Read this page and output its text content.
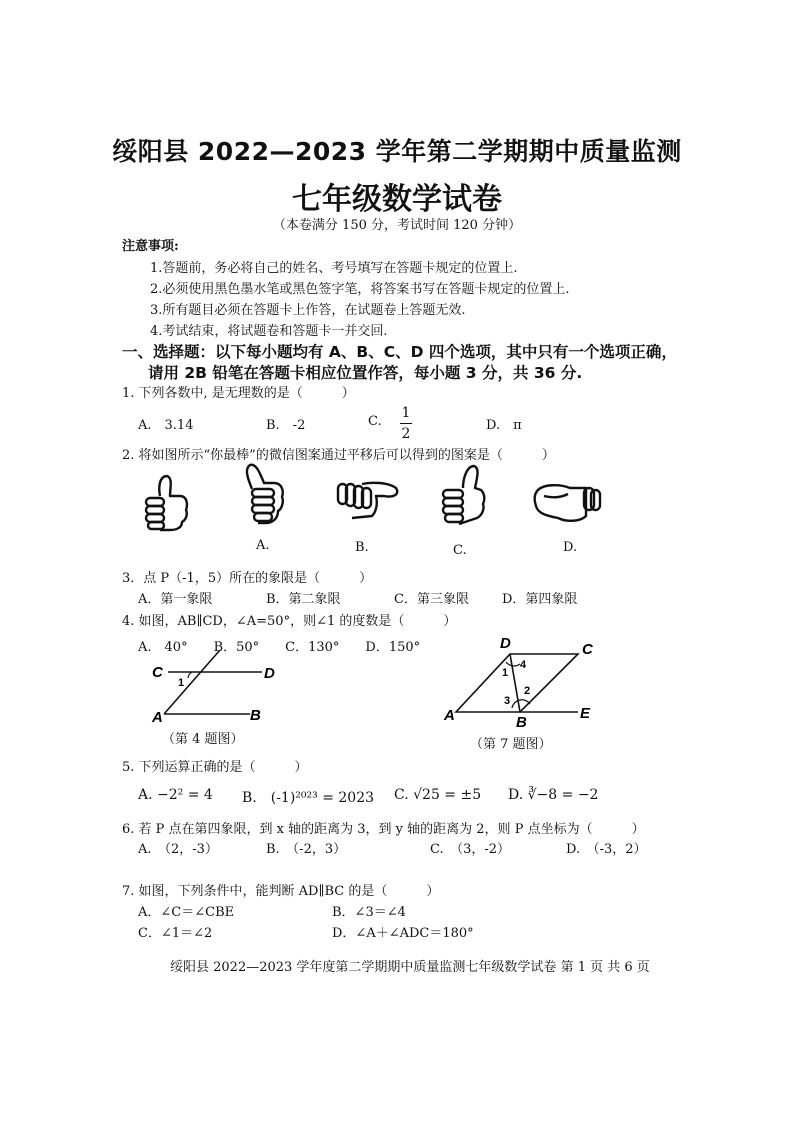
绥阳县 2022—2023 学年第二学期期中质量监测
七年级数学试卷
（本卷满分 150 分，考试时间 120 分钟）
注意事项:
1.答题前，务必将自己的姓名、考号填写在答题卡规定的位置上.
2.必须使用黑色墨水笔或黑色签字笔，将答案书写在答题卡规定的位置上.
3.所有题目必须在答题卡上作答，在试题卷上答题无效.
4.考试结束，将试题卷和答题卡一并交回.
一、选择题：以下每小题均有 A、B、C、D 四个选项，其中只有一个选项正确，
请用 2B 铅笔在答题卡相应位置作答，每小题 3 分，共 36 分.
1. 下列各数中, 是无理数的是（　　　）
A.　3.14	B.　-2	C. $\frac{1}{2}$	D.　π
2. 将如图所示“你最棒”的微信图案通过平移后可以得到的图案是（　　　）
A.	B.	C.	D.
3．点 P（-1，5）所在的象限是（　　　）
A．第一象限	B．第二象限	C．第三象限	D．第四象限
4. 如图，AB∥CD，∠A=50°，则∠1 的度数是（　　　）
A.　40°　　B．50°　　C．130°　　D．150°
C	D
A	B
1
（第 4 题图）
D	C
A	B
E
1
4
2
3
（第 7 题图）
5. 下列运算正确的是（　　　）
A. −2² = 4 B.　(-1)²⁰²³ = 2023 C. √25 = ±5 D. ∛−8 = −2
6. 若 P 点在第四象限，到 x 轴的距离为 3，到 y 轴的距离为 2，则 P 点坐标为（　　　）
A.　（2，-3）	B.　（-2，3）	C.　（3，-2）	D.　（-3，2）
7. 如图，下列条件中，能判断 AD∥BC 的是（　　　）
A．∠C＝∠CBE	B．∠3＝∠4
C．∠1＝∠2	D．∠A＋∠ADC＝180°
绥阳县 2022—2023 学年度第二学期期中质量监测七年级数学试卷 第 1 页 共 6 页
